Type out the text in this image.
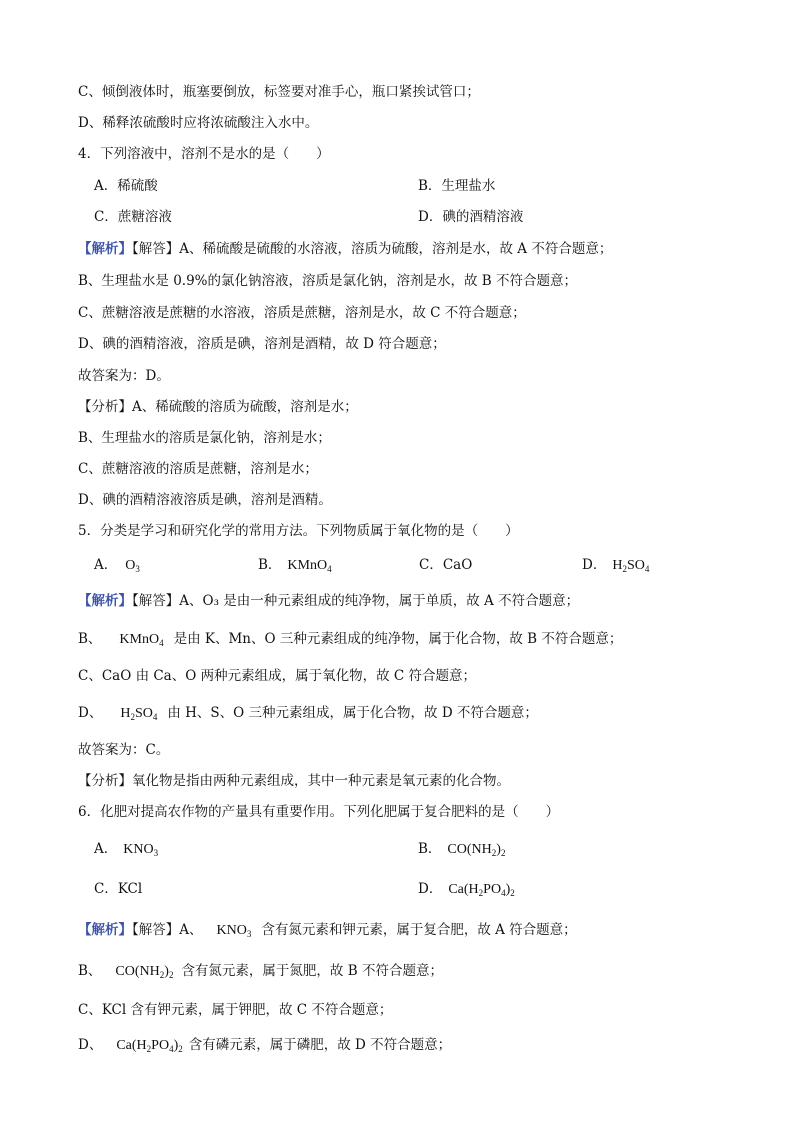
C、倾倒液体时，瓶塞要倒放，标签要对准手心，瓶口紧挨试管口；
D、稀释浓硫酸时应将浓硫酸注入水中。
4．下列溶液中，溶剂不是水的是（　　）
A．稀硫酸	B．生理盐水
C．蔗糖溶液	D．碘的酒精溶液
【解析】【解答】A、稀硫酸是硫酸的水溶液，溶质为硫酸，溶剂是水，故 A 不符合题意；
B、生理盐水是 0.9%的氯化钠溶液，溶质是氯化钠，溶剂是水，故 B 不符合题意；
C、蔗糖溶液是蔗糖的水溶液，溶质是蔗糖，溶剂是水，故 C 不符合题意；
D、碘的酒精溶液，溶质是碘，溶剂是酒精，故 D 符合题意；
故答案为：D。
【分析】A、稀硫酸的溶质为硫酸，溶剂是水；
B、生理盐水的溶质是氯化钠，溶剂是水；
C、蔗糖溶液的溶质是蔗糖，溶剂是水；
D、碘的酒精溶液溶质是碘，溶剂是酒精。
5．分类是学习和研究化学的常用方法。下列物质属于氧化物的是（　　）
A． $O_3$	B． KMnO$_4$	C．CaO	D． $H_2SO_4$
【解析】【解答】A、O₃ 是由一种元素组成的纯净物，属于单质，故 A 不符合题意；
B、 KMnO$_4$ 是由 K、Mn、O 三种元素组成的纯净物，属于化合物，故 B 不符合题意；
C、CaO 由 Ca、O 两种元素组成，属于氧化物，故 C 符合题意；
D、 $H_2SO_4$ 由 H、S、O 三种元素组成，属于化合物，故 D 不符合题意；
故答案为：C。
【分析】氧化物是指由两种元素组成，其中一种元素是氧元素的化合物。
6．化肥对提高农作物的产量具有重要作用。下列化肥属于复合肥料的是（　　）
A． $KNO_3$	B． $CO(NH_2)_2$
C．KCl	D． $Ca(H_2PO_4)_2$
【解析】【解答】A、 $KNO_3$ 含有氮元素和钾元素，属于复合肥，故 A 符合题意；
B、 $CO(NH_2)_2$ 含有氮元素，属于氮肥，故 B 不符合题意；
C、KCl 含有钾元素，属于钾肥，故 C 不符合题意；
D、 $Ca(H_2PO_4)_2$ 含有磷元素，属于磷肥，故 D 不符合题意；
